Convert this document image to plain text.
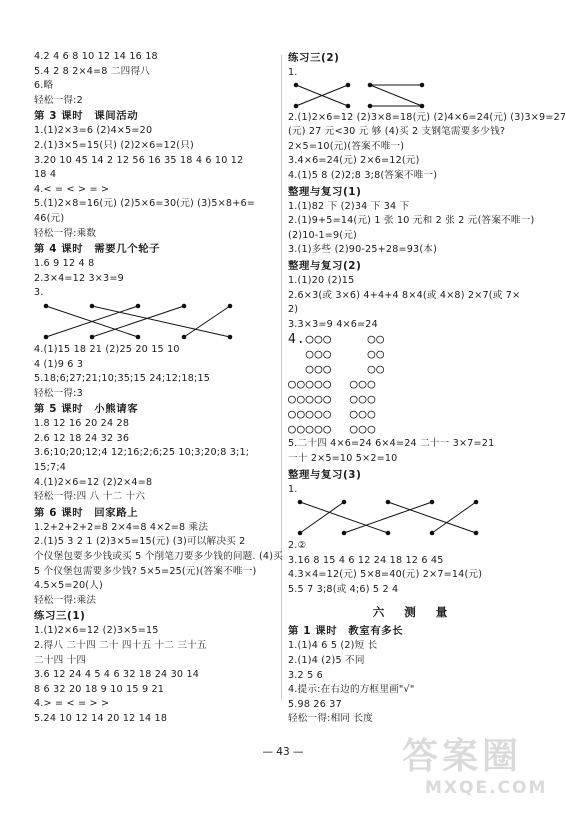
4.2 4 6 8 10 12 14 16 18
5.4 2 8 2×4=8 二四得八
6.略
轻松一得:2
第 3 课时　课间活动
1.(1)2×3=6 (2)4×5=20
2.(1)3×5=15(只) (2)2×6=12(只)
3.20 10 45 14 2 12 56 16 35 18 4 6 10 12
18 4
4.< = < > = >
5.(1)2×8=16(元) (2)5×6=30(元) (3)5×8+6=
46(元)
轻松一得:乘数
第 4 课时　需要几个轮子
1.6 9 12 4 8
2.3×4=12 3×3=9
3.
4.(1)15 18 21 (2)25 20 15 10
4 (1)9 6 3
5.18;6;27;21;10;35;15 24;12;18;15
轻松一得:3
第 5 课时　小熊请客
1.8 12 16 20 24 28
2.6 12 18 24 32 36
3.6;10;20;12;4 12;16;2;6;25 10;3;20;8 3;1;
15;7;4
4.(1)2×6=12 (2)2×4=8
轻松一得:四 八 十二 十六
第 6 课时　回家路上
1.2+2+2+2=8 2×4=8 4×2=8 乘法
2.(1)5 3 2 1 (2)3×5=15(元) (3)可以解决买 2
个仪堡包要多少钱或买 5 个削笔刀要多少钱的问题. (4)买
5 个仪堡包需要多少钱? 5×5=25(元)(答案不唯一)
4.5×5=20(人)
轻松一得:乘法
练习三(1)
1.(1)2×6=12 (2)3×5=15
2.得八 二十四 二十 四十五 十二 三十五
二十四 十四
3.6 12 24 4 5 4 6 32 18 24 30 14
8 6 32 20 18 9 10 15 9 21
4.> = < = > >
5.24 10 12 14 20 12 14 18
练习三(2)
1.
2.(1)2×6=12 (2)3×8=18(元) (2)4×6=24(元) (3)3×9=27
(元) 27 元<30 元 够 (4)买 2 支钢笔需要多少钱?
2×5=10(元)(答案不唯一)
3.4×6=24(元) 2×6=12(元)
4.(1)5 8 (2)2;8 3;8(答案不唯一)
整理与复习(1)
1.(1)82 下 (2)34 下 34 下
2.(1)9+5=14(元) 1 张 10 元和 2 张 2 元(答案不唯一)
(2)10-1=9(元)
3.(1)多些 (2)90-25+28=93(本)
整理与复习(2)
1.(1)20 (2)15
2.6×3(或 3×6) 4+4+4 8×4(或 4×8) 2×7(或 7×
2)
3.3×3=9 4×6=24
4.○○○    ○○
○○○    ○○
○○○    ○○
○○○○○  ○○○
○○○○○  ○○○
○○○○○  ○○○
○○○○○  ○○○
5.二十四 4×6=24 6×4=24 二十一 3×7=21
一十 2×5=10 5×2=10
整理与复习(3)
1.
2.②
3.16 8 15 4 6 12 24 18 12 6 45
4.3×4=12(元) 5×8=40(元) 2×7=14(元)
5.5 7 3;8(或 4;6) 5 2 4
六 测 量
第 1 课时　教室有多长
1.(1)4 6 5 (2)短 长
2.(1)4 (2)5 不同
3.2 5 6
4.提示:在右边的方框里画"√"
5.98 26 37
轻松一得:相同 长度
— 43 —	答案圈
MXQE.COM
